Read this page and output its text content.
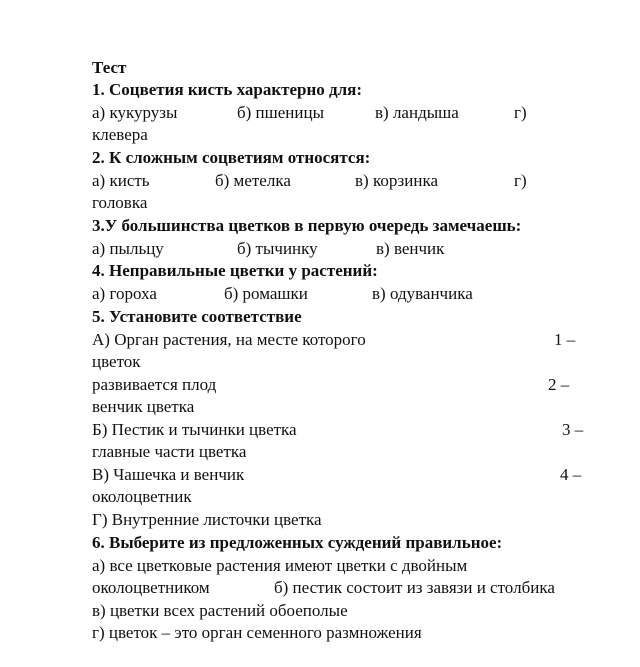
Тест
1. Соцветия кисть характерно для:
а) кукурузы	б) пшеницы	в) ландыша	г)
клевера
2. К сложным соцветиям относятся:
а) кисть	б) метелка	в) корзинка	г)
головка
3.У большинства цветков в первую очередь замечаешь:
а) пыльцу	б) тычинку	в) венчик
4. Неправильные цветки у растений:
а) гороха	б) ромашки	в) одуванчика
5. Установите соответствие
А) Орган растения, на месте которого	1 –
цветок
развивается плод	2 –
венчик цветка
Б) Пестик и тычинки цветка	3 –
главные части цветка
В) Чашечка и венчик	4 –
околоцветник
Г) Внутренние листочки цветка
6. Выберите из предложенных суждений правильное:
а) все цветковые растения имеют цветки с двойным
околоцветником	б) пестик состоит из завязи и столбика
в) цветки всех растений обоеполые
г) цветок – это орган семенного размножения
